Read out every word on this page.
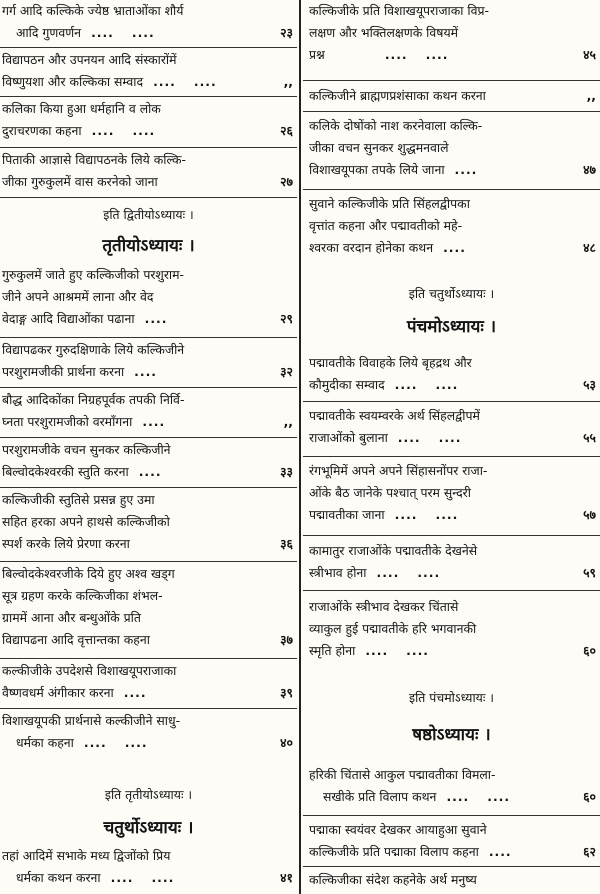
गर्ग आदि कल्किके ज्येष्ठ भ्राताओंका शौर्य
आदि गुणवर्णन .... ....	२३
विद्यापठन और उपनयन आदि संस्कारोंमें
विष्णुयशा और कल्किका सम्वाद .... ....	,,
कलिका किया हुआ धर्महानि व लोक
दुराचरणका कहना .... ....	२६
पिताकी आज्ञासे विद्यापठनके लिये कल्कि-
जीका गुरुकुलमें वास करनेको जाना	२७
इति द्वितीयोऽध्यायः ।
तृतीयोऽध्यायः ।
गुरुकुलमें जाते हुए कल्किजीको परशुराम-
जीने अपने आश्रममें लाना और वेद
वेदाङ्ग आदि विद्याओंका पढाना ....	२९
विद्यापढकर गुरुदक्षिणाके लिये कल्किजीने
परशुरामजीकी प्रार्थना करना ....	३२
बौद्ध आदिकोंका निग्रहपूर्वक तपकी निर्वि-
घ्नता परशुरामजीको वरमाँगना ....	,,
परशुरामजीके वचन सुनकर कल्किजीने
बिल्वोदकेश्वरकी स्तुति करना ....	३३
कल्किजीकी स्तुतिसे प्रसन्न हुए उमा
सहित हरका अपने हाथसे कल्किजीको
स्पर्श करके लिये प्रेरणा करना	३६
बिल्वोदकेश्वरजीके दिये हुए अश्व खड्ग
सूत्र ग्रहण करके कल्किजीका शंभल-
ग्राममें आना और बन्धुओंके प्रति
विद्यापढना आदि वृत्तान्तका कहना	३७
कल्कीजीके उपदेशसे विशाखयूपराजाका
वैष्णवधर्म अंगीकार करना ....	३९
विशाखयूपकी प्रार्थनासे कल्कीजीने साधु-
धर्मका कहना .... ....	४०
इति तृतीयोऽध्यायः ।
चतुर्थोऽध्यायः ।
तहां आदिमें सभाके मध्य द्विजोंको प्रिय
धर्मका कथन करना .... ....	४१
कल्किजीके प्रति विशाखयूपराजाका विप्र-
लक्षण और भक्तिलक्षणके विषयमें
प्रश्न	.... ....	४५
कल्किजीने ब्राह्मणप्रशंसाका कथन करना	,,
कलिके दोषोंको नाश करनेवाला कल्कि-
जीका वचन सुनकर शुद्धमनवाले
विशाखयूपका तपके लिये जाना ....	४७
सुवाने कल्किजीके प्रति सिंहलद्वीपका
वृत्तांत कहना और पद्मावतीको महे-
श्वरका वरदान होनेका कथन ....	४८
इति चतुर्थोऽध्यायः ।
पंचमोऽध्यायः ।
पद्मावतीके विवाहके लिये बृहद्रथ और
कौमुदीका सम्वाद .... ....	५३
पद्मावतीके स्वयम्वरके अर्थ सिंहलद्वीपमें
राजाओंको बुलाना .... ....	५५
रंगभूमिमें अपने अपने सिंहासनोंपर राजा-
ओंके बैठ जानेके पश्चात् परम सुन्दरी
पद्मावतीका जाना .... ....	५७
कामातुर राजाओंके पद्मावतीके देखनेसे
स्त्रीभाव होना .... ....	५९
राजाओंके स्त्रीभाव देखकर चिंतासे
व्याकुल हुई पद्मावतीके हरि भगवानकी
स्मृति होना .... ....	६०
इति पंचमोऽध्यायः ।
षष्ठोऽध्यायः ।
हरिकी चिंतासे आकुल पद्मावतीका विमला-
सखीके प्रति विलाप कथन .... ....	६०
पद्माका स्वयंवर देखकर आयाहुआ सुवाने
कल्किजीके प्रति पद्माका विलाप कहना ....	६२
कल्किजीका संदेश कहनेके अर्थ मनुष्य
